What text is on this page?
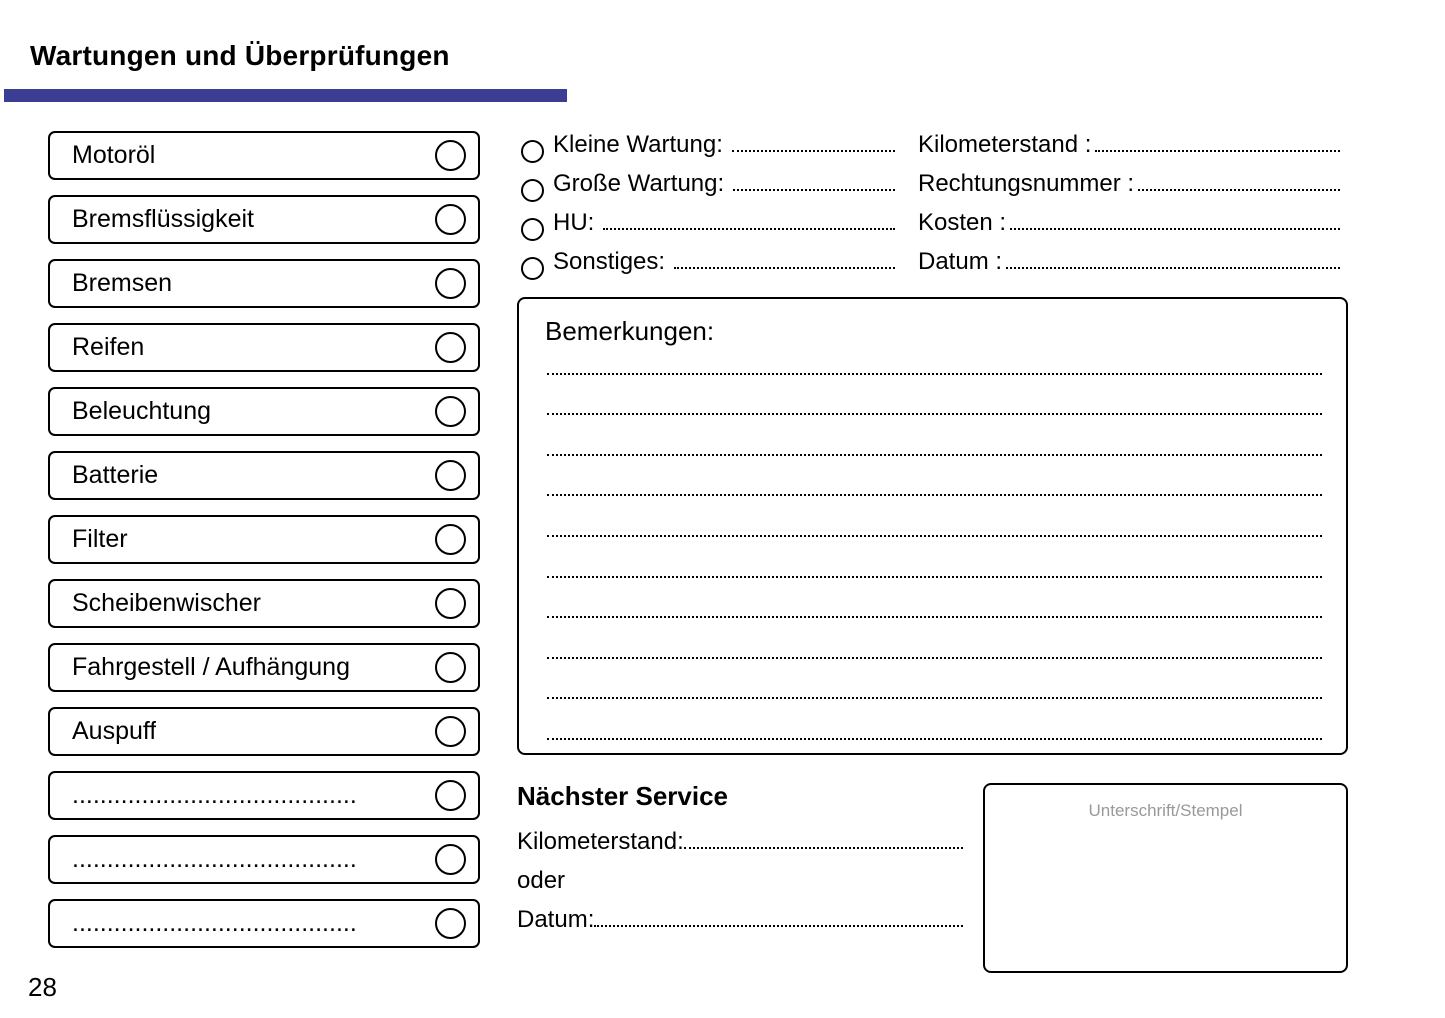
Wartungen und Überprüfungen
Motoröl
Bremsflüssigkeit
Bremsen
Reifen
Beleuchtung
Batterie
Filter
Scheibenwischer
Fahrgestell / Aufhängung
Auspuff
.........................................
.........................................
.........................................
Kleine Wartung:
Große Wartung:
HU:
Sonstiges:
Kilometerstand :
Rechtungsnummer :
Kosten :
Datum :
Bemerkungen:
Nächster Service
Kilometerstand:
oder
Datum:
Unterschrift/Stempel
28
